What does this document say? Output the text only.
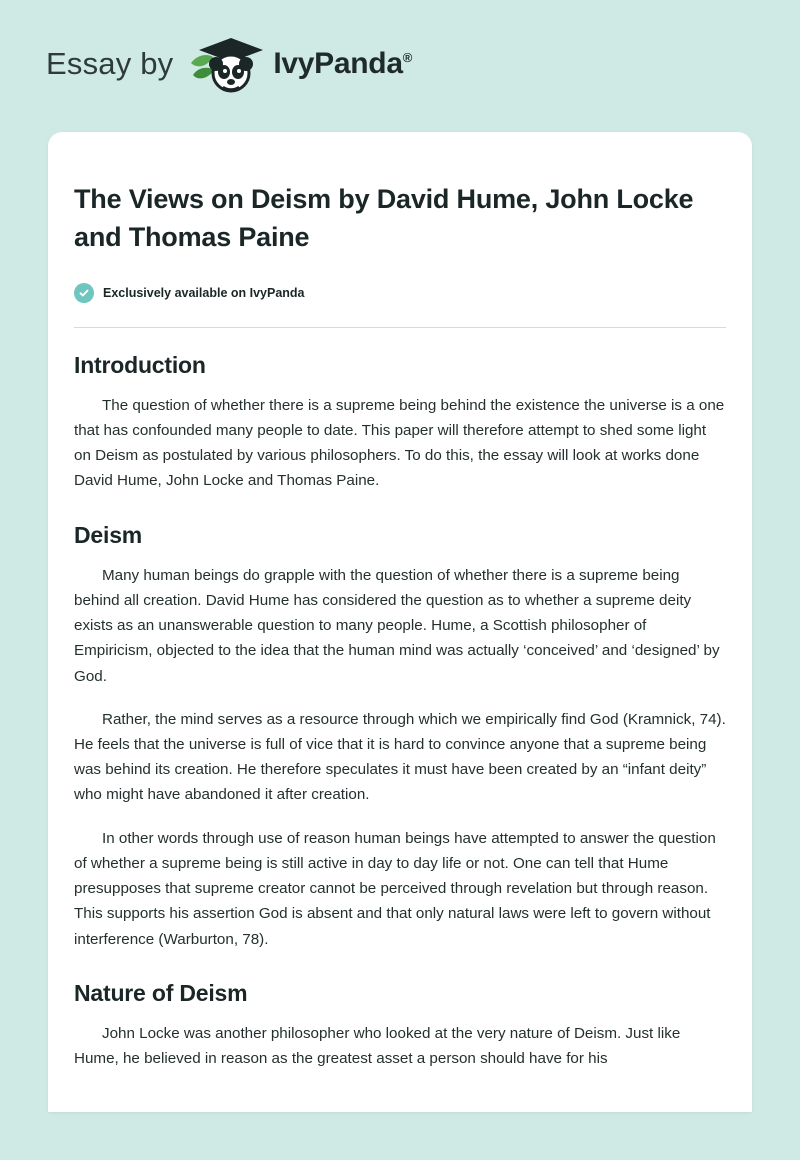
Essay by	IvyPanda®
The Views on Deism by David Hume, John Locke and Thomas Paine
Exclusively available on IvyPanda
Introduction

The question of whether there is a supreme being behind the existence the universe is a one that has confounded many people to date. This paper will therefore attempt to shed some light on Deism as postulated by various philosophers. To do this, the essay will look at works done David Hume, John Locke and Thomas Paine.

Deism

Many human beings do grapple with the question of whether there is a supreme being behind all creation. David Hume has considered the question as to whether a supreme deity exists as an unanswerable question to many people. Hume, a Scottish philosopher of Empiricism, objected to the idea that the human mind was actually ‘conceived’ and ‘designed’ by God.

Rather, the mind serves as a resource through which we empirically find God (Kramnick, 74). He feels that the universe is full of vice that it is hard to convince anyone that a supreme being was behind its creation. He therefore speculates it must have been created by an “infant deity” who might have abandoned it after creation.

In other words through use of reason human beings have attempted to answer the question of whether a supreme being is still active in day to day life or not. One can tell that Hume presupposes that supreme creator cannot be perceived through revelation but through reason. This supports his assertion God is absent and that only natural laws were left to govern without interference (Warburton, 78).

Nature of Deism

John Locke was another philosopher who looked at the very nature of Deism. Just like Hume, he believed in reason as the greatest asset a person should have for his
